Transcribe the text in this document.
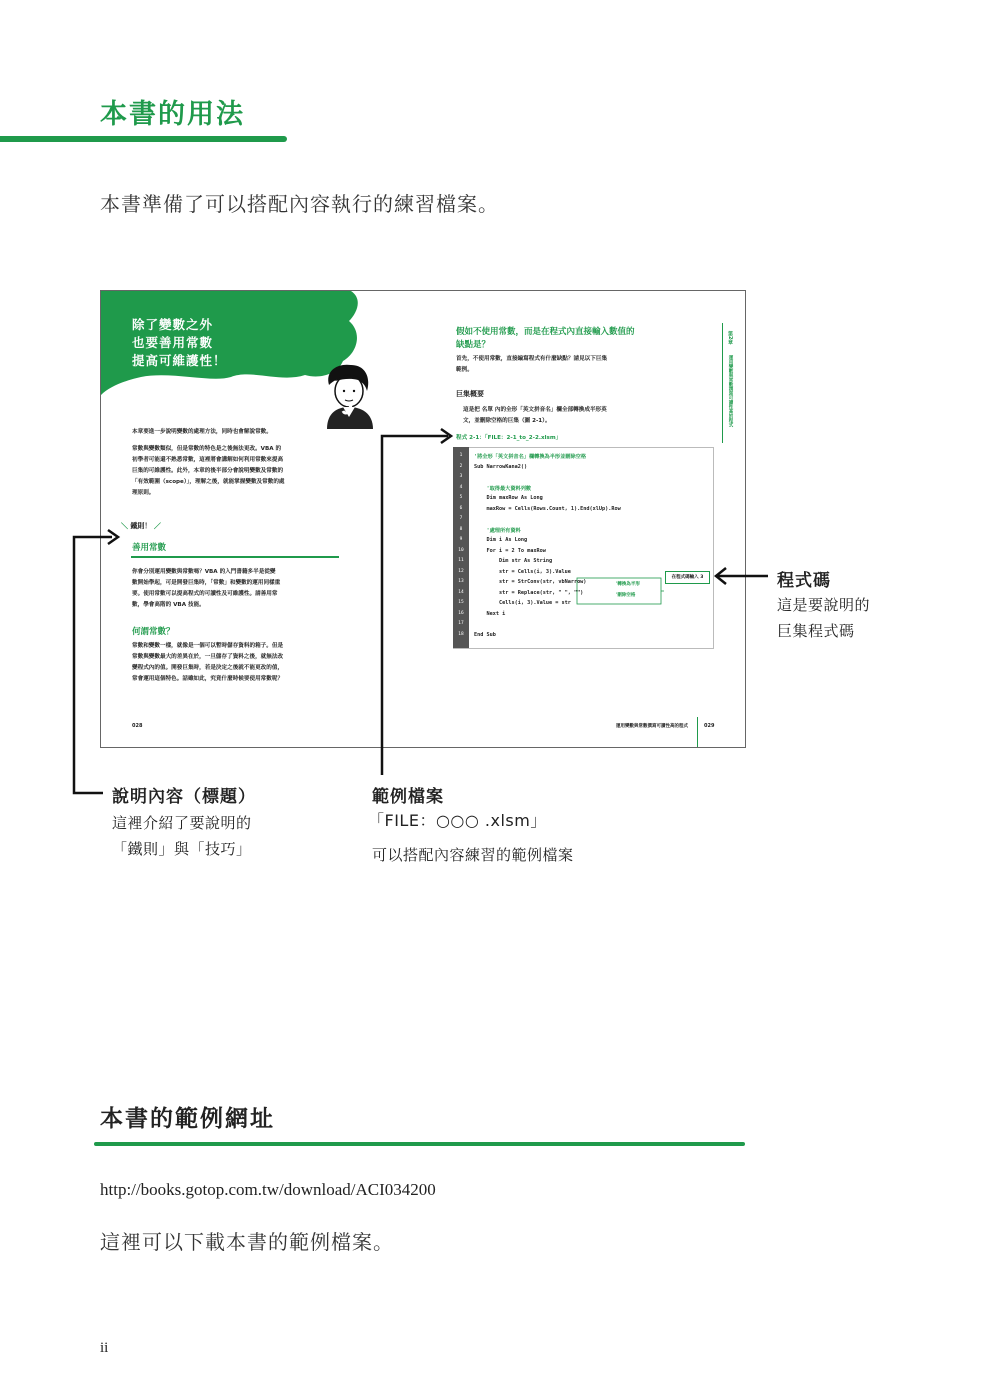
本書的用法
本書準備了可以搭配內容執行的練習檔案。
除了變數之外
也要善用常數
提高可維護性！
本章要進一步說明變數的處理方法，同時也會解說常數。
常數與變數類似，但是常數的特色是之後無法更改。VBA 的
初學者可能還不熟悉常數，這裡將會講解如何利用常數來提高
巨集的可維護性。此外，本章的後半部分會說明變數及常數的
「有效範圍（scope）」，理解之後，就能掌握變數及常數的處
理原則。
＼ 鐵則！ ／
善用常數
你會分別運用變數與常數嗎？VBA 的入門書籍多半是從變
數開始學起，可是開發巨集時，「常數」和變數的運用同樣重
要。使用常數可以提高程式的可讀性及可維護性。請善用常
數，學會高階的 VBA 技能。
何謂常數？
常數和變數一樣，就像是一個可以暫時儲存資料的箱子。但是
常數與變數最大的差異在於，一旦儲存了資料之後，就無法改
變程式內的值。開發巨集時，若是決定之後就不能更改的值，
常會運用這個特色。話雖如此，究竟什麼時候要使用常數呢？
假如不使用常數，而是在程式內直接輸入數值的
缺點是？
首先，不使用常數，直接編寫程式有什麼缺點？請見以下巨集
範例。
巨集概要
這是把 名單 內的全形「英文拼音名」欄全部轉換成半形英
文，並刪除空格的巨集（圖 2-1）。
程式 2-1：「FILE：2-1_to_2-2.xlsm」
'轉換為半形
'刪除空格
在程式碼輸入 3
第2章
運用變數與常數撰寫可讀性高的程式
028	運用變數與常數撰寫可讀性高的程式	029
1	'將全形「英文拼音名」欄轉換為半形並刪除空格
2	Sub NarrowKana2()
3
4	'取得最大資料列數
5	Dim maxRow As Long
6	maxRow = Cells(Rows.Count, 1).End(xlUp).Row
7
8	'處理所有資料
9	Dim i As Long
10	For i = 2 To maxRow
11	Dim str As String
12	str = Cells(i, 3).Value
13	str = StrConv(str, vbNarrow)
14	str = Replace(str, " ", "")
15	Cells(i, 3).Value = str
16	Next i
17
18	End Sub
說明內容（標題）
這裡介紹了要說明的
「鐵則」與「技巧」
範例檔案
「FILE：○○○ .xlsm」
可以搭配內容練習的範例檔案
程式碼
這是要說明的
巨集程式碼
本書的範例網址
http://books.gotop.com.tw/download/ACI034200
這裡可以下載本書的範例檔案。
ii
